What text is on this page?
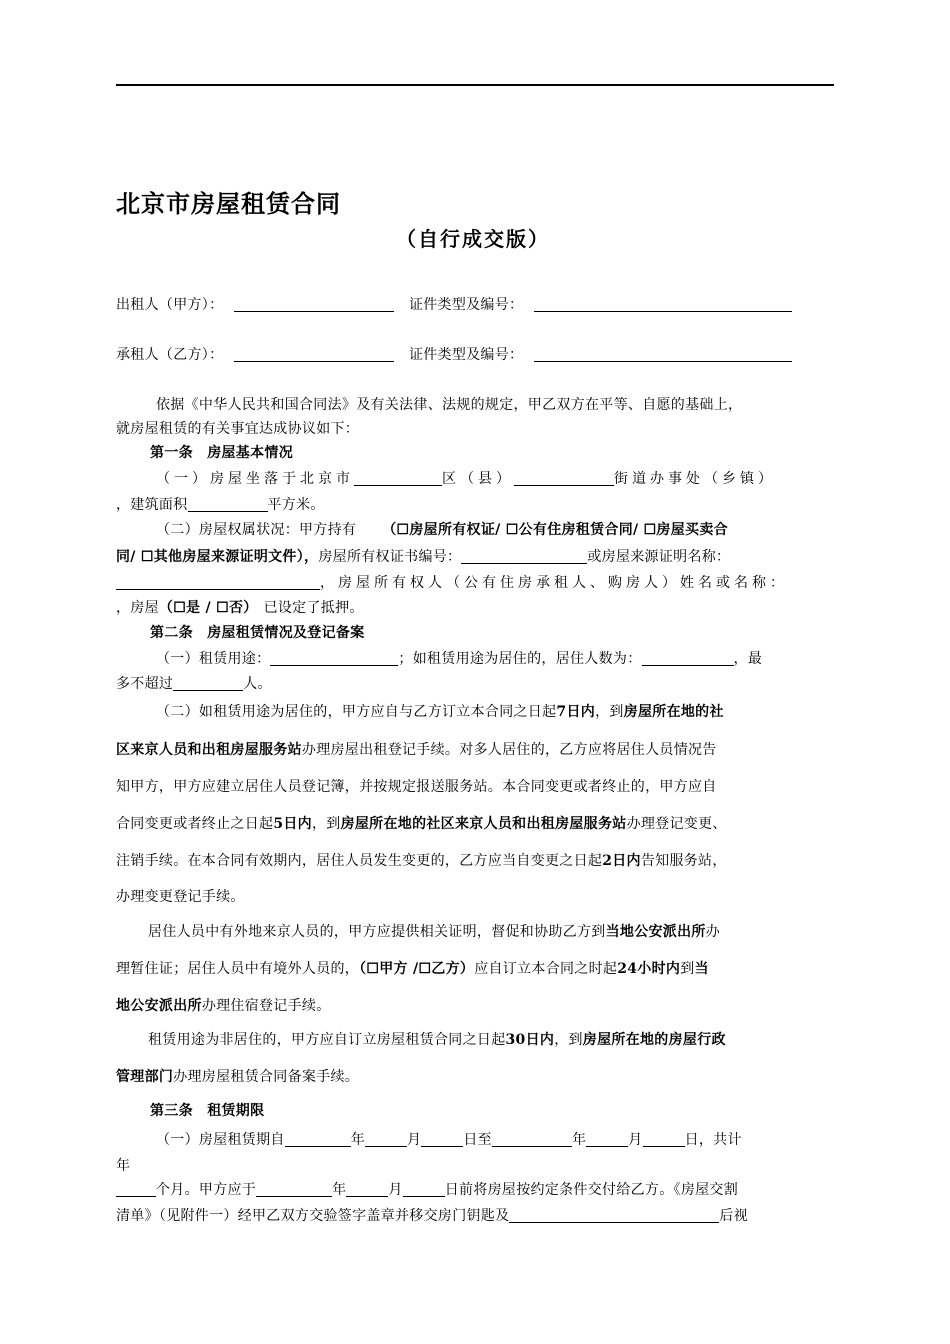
北京市房屋租赁合同
（自行成交版）
出租人（甲方）：	证件类型及编号：
承租人（乙方）：	证件类型及编号：
依据《中华人民共和国合同法》及有关法律、法规的规定，甲乙双方在平等、自愿的基础上，
就房屋租赁的有关事宜达成协议如下：
第一条　房屋基本情况
（一）房屋坐落于北京市	区（县）	街道办事处（乡镇）
，建筑面积	平方米。
（二）房屋权属状况：甲方持有 （☐房屋所有权证/ ☐公有住房租赁合同/ ☐房屋买卖合
同/ ☐其他房屋来源证明文件），房屋所有权证书编号：	或房屋来源证明名称：
，房屋所有权人（公有住房承租人、购房人）姓名或名称：
，房屋（☐是 / ☐否） 已设定了抵押。
第二条　房屋租赁情况及登记备案
（一）租赁用途：	；如租赁用途为居住的，居住人数为：	，最
多不超过	人。
（二）如租赁用途为居住的，甲方应自与乙方订立本合同之日起7日内，到房屋所在地的社
区来京人员和出租房屋服务站办理房屋出租登记手续。对多人居住的，乙方应将居住人员情况告
知甲方，甲方应建立居住人员登记簿，并按规定报送服务站。本合同变更或者终止的，甲方应自
合同变更或者终止之日起5日内，到房屋所在地的社区来京人员和出租房屋服务站办理登记变更、
注销手续。在本合同有效期内，居住人员发生变更的，乙方应当自变更之日起2日内告知服务站，
办理变更登记手续。
居住人员中有外地来京人员的，甲方应提供相关证明，督促和协助乙方到当地公安派出所办
理暂住证；居住人员中有境外人员的，（☐甲方 /☐乙方）应自订立本合同之时起24小时内到当
地公安派出所办理住宿登记手续。
租赁用途为非居住的，甲方应自订立房屋租赁合同之日起30日内，到房屋所在地的房屋行政
管理部门办理房屋租赁合同备案手续。
第三条　租赁期限
（一）房屋租赁期自	年	月	日至	年	月	日，共计
年
个月。甲方应于	年	月	日前将房屋按约定条件交付给乙方。《房屋交割
清单》（见附件一）经甲乙双方交验签字盖章并移交房门钥匙及	后视
